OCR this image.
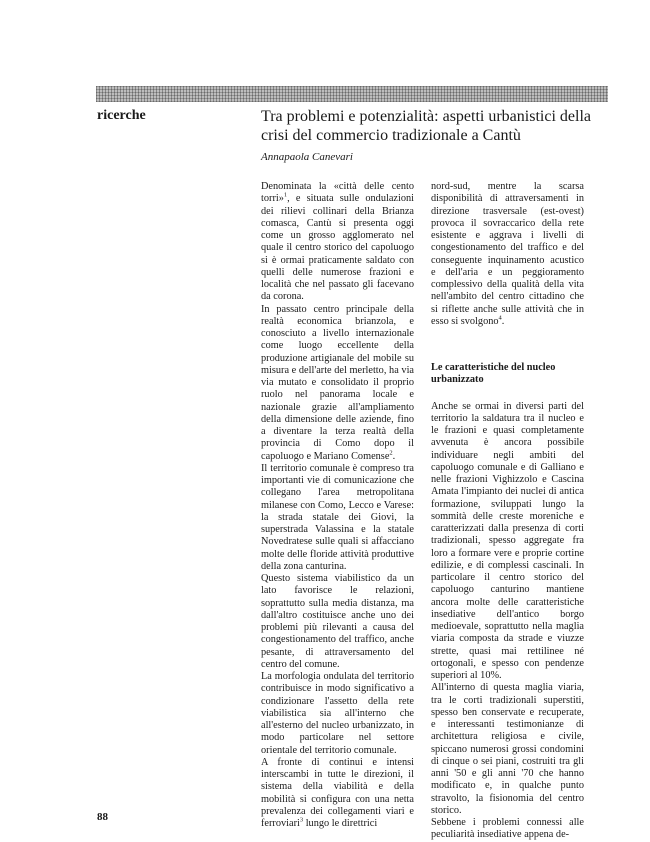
ricerche	Tra problemi e potenzialità: aspetti urbanistici della crisi del commercio tradizionale a Cantù
Annapaola Canevari

Denominata la «città delle cento torri»$^1$, e situata sulle ondulazioni dei rilievi collinari della Brianza comasca, Cantù si presenta oggi come un grosso agglomerato nel quale il centro storico del capoluogo si è ormai praticamente saldato con quelli delle numerose frazioni e località che nel passato gli facevano da corona.

In passato centro principale della realtà economica brianzola, e conosciuto a livello internazionale come luogo eccellente della produzione artigianale del mobile su misura e dell'arte del merletto, ha via via mutato e consolidato il proprio ruolo nel panorama locale e nazionale grazie all'ampliamento della dimensione delle aziende, fino a diventare la terza realtà della provincia di Como dopo il capoluogo e Mariano Comense$^2$.

Il territorio comunale è compreso tra importanti vie di comunicazione che collegano l'area metropolitana milanese con Como, Lecco e Varese: la strada statale dei Giovi, la superstrada Valassina e la statale Novedratese sulle quali si affacciano molte delle floride attività produttive della zona canturina.

Questo sistema viabilistico da un lato favorisce le relazioni, soprattutto sulla media distanza, ma dall'altro costituisce anche uno dei problemi più rilevanti a causa del congestionamento del traffico, anche pesante, di attraversamento del centro del comune.

La morfologia ondulata del territorio contribuisce in modo significativo a condizionare l'assetto della rete viabilistica sia all'interno che all'esterno del nucleo urbanizzato, in modo particolare nel settore orientale del territorio comunale.

A fronte di continui e intensi interscambi in tutte le direzioni, il sistema della viabilità e della mobilità si configura con una netta prevalenza dei collegamenti viari e ferroviari$^3$ lungo le direttrici

nord-sud, mentre la scarsa disponibilità di attraversamenti in direzione trasversale (est-ovest) provoca il sovraccarico della rete esistente e aggrava i livelli di congestionamento del traffico e del conseguente inquinamento acustico e dell'aria e un peggioramento complessivo della qualità della vita nell'ambito del centro cittadino che si riflette anche sulle attività che in esso si svolgono$^4$.

Le caratteristiche del nucleo urbanizzato

Anche se ormai in diversi parti del territorio la saldatura tra il nucleo e le frazioni e quasi completamente avvenuta è ancora possibile individuare negli ambiti del capoluogo comunale e di Galliano e nelle frazioni Vighizzolo e Cascina Amata l'impianto dei nuclei di antica formazione, sviluppati lungo la sommità delle creste moreniche e caratterizzati dalla presenza di corti tradizionali, spesso aggregate fra loro a formare vere e proprie cortine edilizie, e di complessi cascinali. In particolare il centro storico del capoluogo canturino mantiene ancora molte delle caratteristiche insediative dell'antico borgo medioevale, soprattutto nella maglia viaria composta da strade e viuzze strette, quasi mai rettilinee né ortogonali, e spesso con pendenze superiori al 10%.

All'interno di questa maglia viaria, tra le corti tradizionali superstiti, spesso ben conservate e recuperate, e interessanti testimonianze di architettura religiosa e civile, spiccano numerosi grossi condomini di cinque o sei piani, costruiti tra gli anni '50 e gli anni '70 che hanno modificato e, in qualche punto stravolto, la fisionomia del centro storico.

Sebbene i problemi connessi alle peculiarità insediative appena de-

88
